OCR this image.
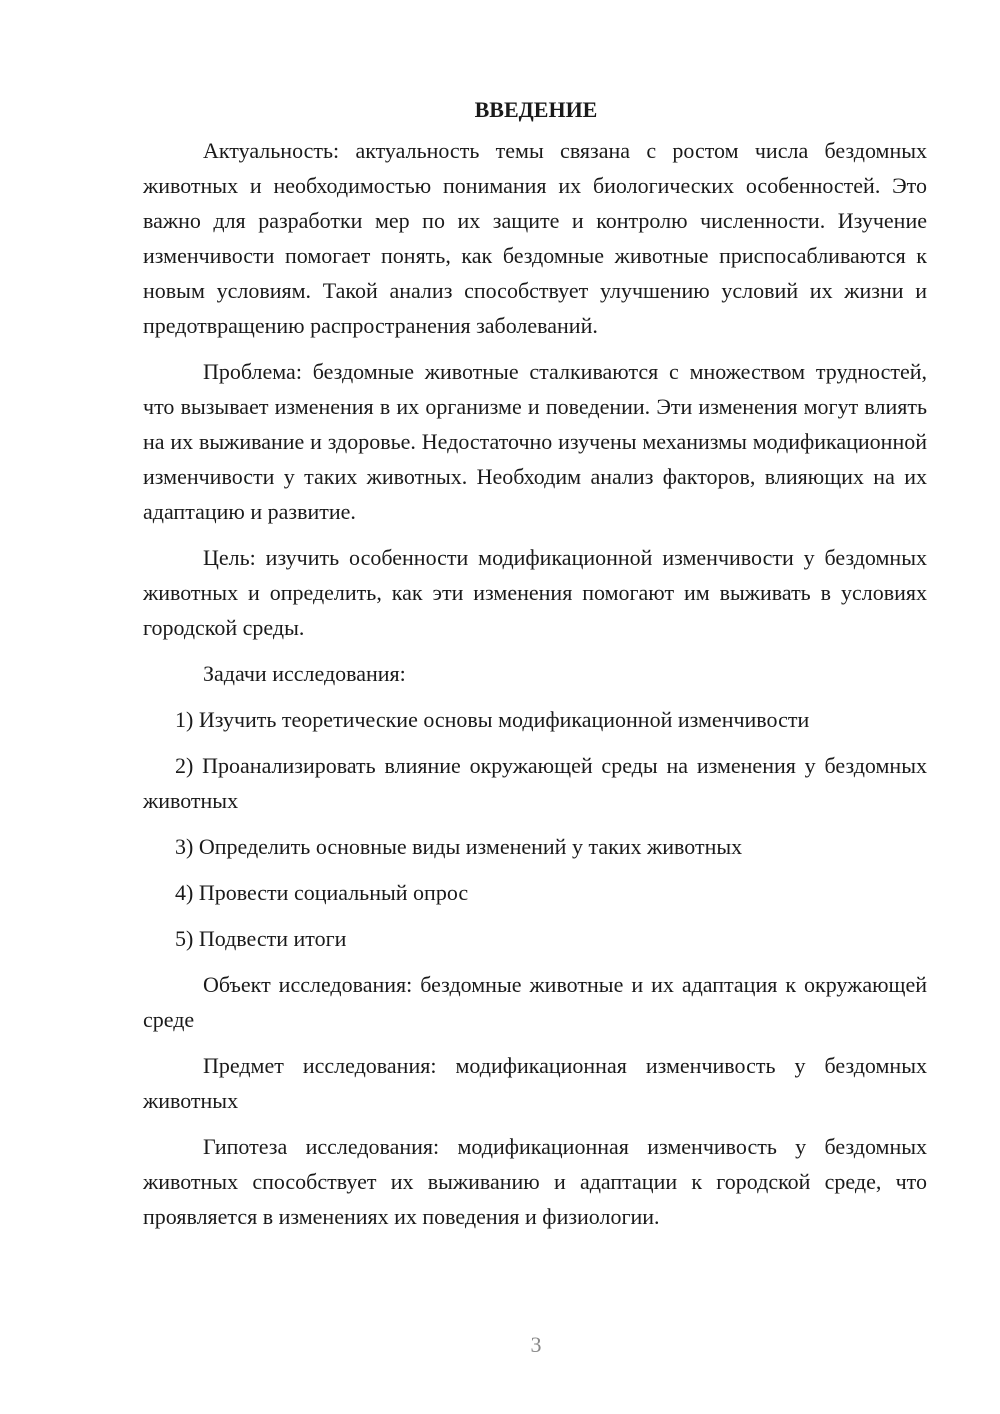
ВВЕДЕНИЕ

Актуальность: актуальность темы связана с ростом числа бездомных животных и необходимостью понимания их биологических особенностей. Это важно для разработки мер по их защите и контролю численности. Изучение изменчивости помогает понять, как бездомные животные приспосабливаются к новым условиям. Такой анализ способствует улучшению условий их жизни и предотвращению распространения заболеваний.

Проблема: бездомные животные сталкиваются с множеством трудностей, что вызывает изменения в их организме и поведении. Эти изменения могут влиять на их выживание и здоровье. Недостаточно изучены механизмы модификационной изменчивости у таких животных. Необходим анализ факторов, влияющих на их адаптацию и развитие.

Цель: изучить особенности модификационной изменчивости у бездомных животных и определить, как эти изменения помогают им выживать в условиях городской среды.

Задачи исследования:

1) Изучить теоретические основы модификационной изменчивости

2) Проанализировать влияние окружающей среды на изменения у бездомных животных

3) Определить основные виды изменений у таких животных

4) Провести социальный опрос

5) Подвести итоги

Объект исследования: бездомные животные и их адаптация к окружающей среде

Предмет исследования: модификационная изменчивость у бездомных животных

Гипотеза исследования: модификационная изменчивость у бездомных животных способствует их выживанию и адаптации к городской среде, что проявляется в изменениях их поведения и физиологии.

3
